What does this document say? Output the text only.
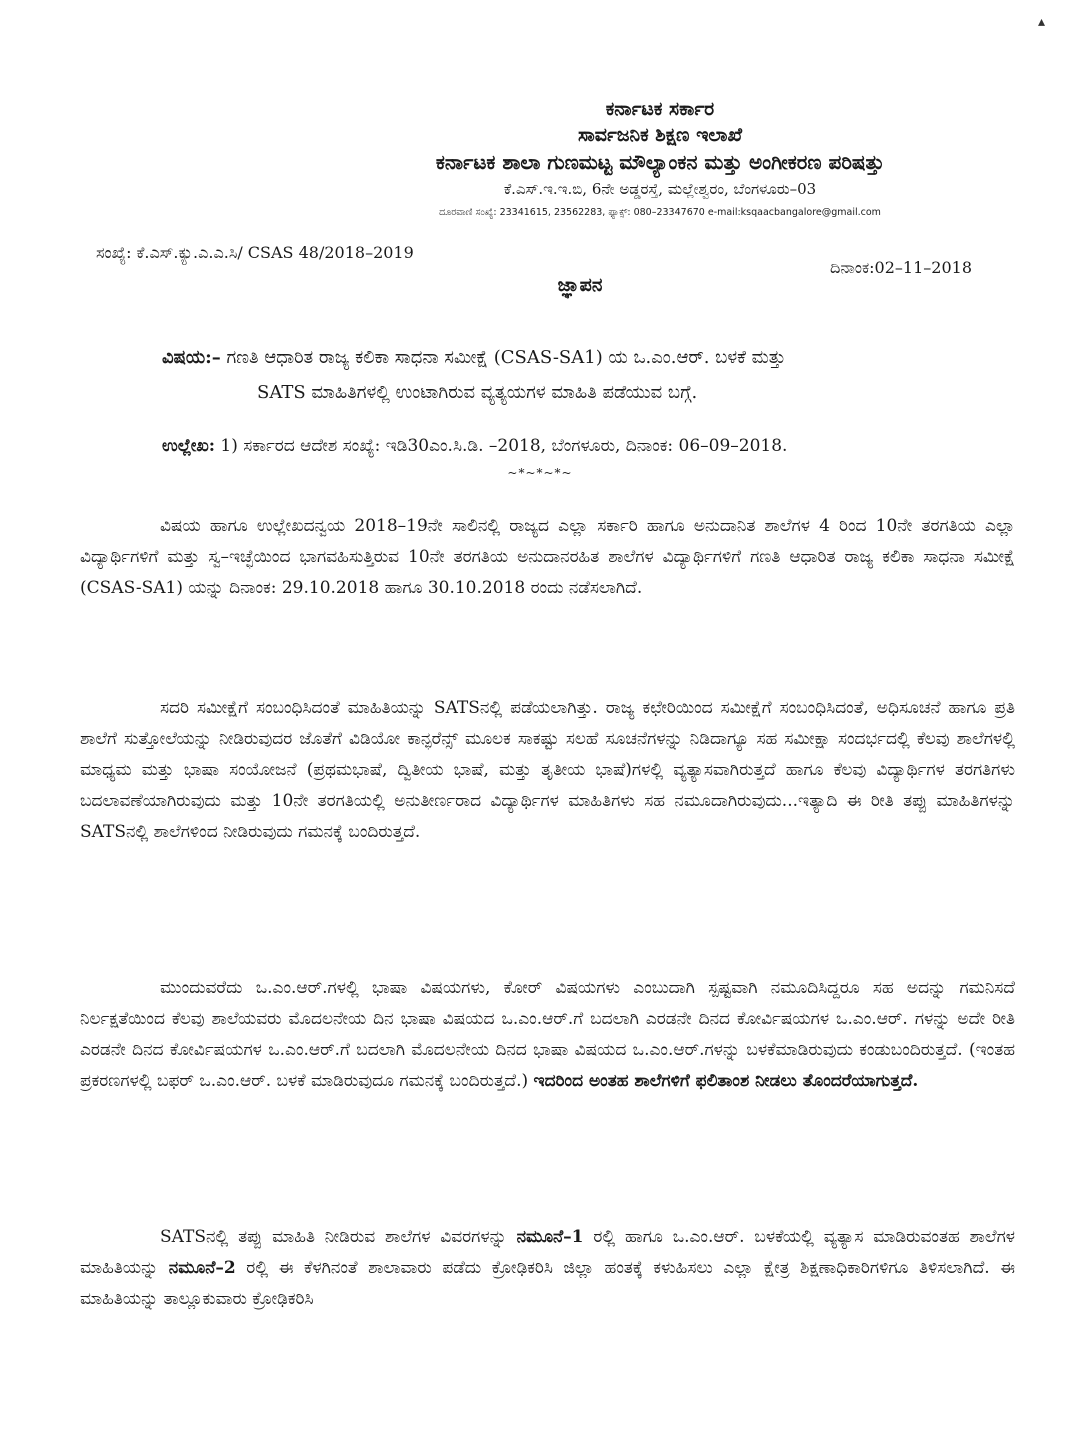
▴
ಕರ್ನಾಟಕ ಸರ್ಕಾರ
ಸಾರ್ವಜನಿಕ ಶಿಕ್ಷಣ ಇಲಾಖೆ
ಕರ್ನಾಟಕ ಶಾಲಾ ಗುಣಮಟ್ಟ ಮೌಲ್ಯಾಂಕನ ಮತ್ತು ಅಂಗೀಕರಣ ಪರಿಷತ್ತು
ಕೆ.ಎಸ್.ಇ.ಇ.ಬಿ, 6ನೇ ಅಡ್ಡರಸ್ತೆ, ಮಲ್ಲೇಶ್ವರಂ, ಬೆಂಗಳೂರು–03
ದೂರವಾಣಿ ಸಂಖ್ಯೆ: 23341615, 23562283, ಫ್ಯಾಕ್ಸ್: 080–23347670 e-mail:ksqaacbangalore@gmail.com
ಸಂಖ್ಯೆ: ಕೆ.ಎಸ್.ಕ್ಯು.ಎ.ಎ.ಸಿ/ CSAS 48/2018–2019
ದಿನಾಂಕ:02–11–2018
ಜ್ಞಾಪನ
ವಿಷಯ:– ಗಣತಿ ಆಧಾರಿತ ರಾಜ್ಯ ಕಲಿಕಾ ಸಾಧನಾ ಸಮೀಕ್ಷೆ (CSAS-SA1) ಯ ಒ.ಎಂ.ಆರ್. ಬಳಕೆ ಮತ್ತು
SATS ಮಾಹಿತಿಗಳಲ್ಲಿ ಉಂಟಾಗಿರುವ ವ್ಯತ್ಯಯಗಳ ಮಾಹಿತಿ ಪಡೆಯುವ ಬಗ್ಗೆ.
ಉಲ್ಲೇಖ: 1) ಸರ್ಕಾರದ ಆದೇಶ ಸಂಖ್ಯೆ: ಇಡಿ30ಎಂ.ಸಿ.ಡಿ. –2018, ಬೆಂಗಳೂರು, ದಿನಾಂಕ: 06–09–2018.
~*~*~*~
ವಿಷಯ ಹಾಗೂ ಉಲ್ಲೇಖದನ್ವಯ 2018–19ನೇ ಸಾಲಿನಲ್ಲಿ ರಾಜ್ಯದ ಎಲ್ಲಾ ಸರ್ಕಾರಿ ಹಾಗೂ ಅನುದಾನಿತ ಶಾಲೆಗಳ 4 ರಿಂದ 10ನೇ ತರಗತಿಯ ಎಲ್ಲಾ ವಿದ್ಯಾರ್ಥಿಗಳಿಗೆ ಮತ್ತು ಸ್ವ–ಇಚ್ಛೆಯಿಂದ ಭಾಗವಹಿಸುತ್ತಿರುವ 10ನೇ ತರಗತಿಯ ಅನುದಾನರಹಿತ ಶಾಲೆಗಳ ವಿದ್ಯಾರ್ಥಿಗಳಿಗೆ ಗಣತಿ ಆಧಾರಿತ ರಾಜ್ಯ ಕಲಿಕಾ ಸಾಧನಾ ಸಮೀಕ್ಷೆ (CSAS-SA1) ಯನ್ನು ದಿನಾಂಕ: 29.10.2018 ಹಾಗೂ 30.10.2018 ರಂದು ನಡೆಸಲಾಗಿದೆ.
ಸದರಿ ಸಮೀಕ್ಷೆಗೆ ಸಂಬಂಧಿಸಿದಂತೆ ಮಾಹಿತಿಯನ್ನು SATSನಲ್ಲಿ ಪಡೆಯಲಾಗಿತ್ತು. ರಾಜ್ಯ ಕಛೇರಿಯಿಂದ ಸಮೀಕ್ಷೆಗೆ ಸಂಬಂಧಿಸಿದಂತೆ, ಅಧಿಸೂಚನೆ ಹಾಗೂ ಪ್ರತಿ ಶಾಲೆಗೆ ಸುತ್ತೋಲೆಯನ್ನು ನೀಡಿರುವುದರ ಜೊತೆಗೆ ವಿಡಿಯೋ ಕಾನ್ಫರೆನ್ಸ್ ಮೂಲಕ ಸಾಕಷ್ಟು ಸಲಹೆ ಸೂಚನೆಗಳನ್ನು ನಿಡಿದಾಗ್ಯೂ ಸಹ ಸಮೀಕ್ಷಾ ಸಂದರ್ಭದಲ್ಲಿ ಕೆಲವು ಶಾಲೆಗಳಲ್ಲಿ ಮಾಧ್ಯಮ ಮತ್ತು ಭಾಷಾ ಸಂಯೋಜನೆ (ಪ್ರಥಮಭಾಷೆ, ದ್ವಿತೀಯ ಭಾಷೆ, ಮತ್ತು ತೃತೀಯ ಭಾಷೆ)ಗಳಲ್ಲಿ ವ್ಯತ್ಯಾಸವಾಗಿರುತ್ತದೆ ಹಾಗೂ ಕೆಲವು ವಿದ್ಯಾರ್ಥಿಗಳ ತರಗತಿಗಳು ಬದಲಾವಣೆಯಾಗಿರುವುದು ಮತ್ತು 10ನೇ ತರಗತಿಯಲ್ಲಿ ಅನುತೀರ್ಣರಾದ ವಿದ್ಯಾರ್ಥಿಗಳ ಮಾಹಿತಿಗಳು ಸಹ ನಮೂದಾಗಿರುವುದು...ಇತ್ಯಾದಿ ಈ ರೀತಿ ತಪ್ಪು ಮಾಹಿತಿಗಳನ್ನು SATSನಲ್ಲಿ ಶಾಲೆಗಳಿಂದ ನೀಡಿರುವುದು ಗಮನಕ್ಕೆ ಬಂದಿರುತ್ತದೆ.
ಮುಂದುವರೆದು ಒ.ಎಂ.ಆರ್.ಗಳಲ್ಲಿ ಭಾಷಾ ವಿಷಯಗಳು, ಕೋರ್ ವಿಷಯಗಳು ಎಂಬುದಾಗಿ ಸ್ಪಷ್ಟವಾಗಿ ನಮೂದಿಸಿದ್ದರೂ ಸಹ ಅದನ್ನು ಗಮನಿಸದೆ ನಿರ್ಲಕ್ಷತೆಯಿಂದ ಕೆಲವು ಶಾಲೆಯವರು ಮೊದಲನೇಯ ದಿನ ಭಾಷಾ ವಿಷಯದ ಒ.ಎಂ.ಆರ್.ಗೆ ಬದಲಾಗಿ ಎರಡನೇ ದಿನದ ಕೋರ್ವಿಷಯಗಳ ಒ.ಎಂ.ಆರ್. ಗಳನ್ನು ಅದೇ ರೀತಿ ಎರಡನೇ ದಿನದ ಕೋರ್ವಿಷಯಗಳ ಒ.ಎಂ.ಆರ್.ಗೆ ಬದಲಾಗಿ ಮೊದಲನೇಯ ದಿನದ ಭಾಷಾ ವಿಷಯದ ಒ.ಎಂ.ಆರ್.ಗಳನ್ನು ಬಳಕೆಮಾಡಿರುವುದು ಕಂಡುಬಂದಿರುತ್ತದೆ. (ಇಂತಹ ಪ್ರಕರಣಗಳಲ್ಲಿ ಬಫರ್ ಒ.ಎಂ.ಆರ್. ಬಳಕೆ ಮಾಡಿರುವುದೂ ಗಮನಕ್ಕೆ ಬಂದಿರುತ್ತದೆ.) ಇದರಿಂದ ಅಂತಹ ಶಾಲೆಗಳಿಗೆ ಫಲಿತಾಂಶ ನೀಡಲು ತೊಂದರೆಯಾಗುತ್ತದೆ.
SATSನಲ್ಲಿ ತಪ್ಪು ಮಾಹಿತಿ ನೀಡಿರುವ ಶಾಲೆಗಳ ವಿವರಗಳನ್ನು ನಮೂನೆ–1 ರಲ್ಲಿ ಹಾಗೂ ಒ.ಎಂ.ಆರ್. ಬಳಕೆಯಲ್ಲಿ ವ್ಯತ್ಯಾಸ ಮಾಡಿರುವಂತಹ ಶಾಲೆಗಳ ಮಾಹಿತಿಯನ್ನು ನಮೂನೆ–2 ರಲ್ಲಿ ಈ ಕೆಳಗಿನಂತೆ ಶಾಲಾವಾರು ಪಡೆದು ಕ್ರೋಢಿಕರಿಸಿ ಜಿಲ್ಲಾ ಹಂತಕ್ಕೆ ಕಳುಹಿಸಲು ಎಲ್ಲಾ ಕ್ಷೇತ್ರ ಶಿಕ್ಷಣಾಧಿಕಾರಿಗಳಿಗೂ ತಿಳಿಸಲಾಗಿದೆ. ಈ ಮಾಹಿತಿಯನ್ನು ತಾಲ್ಲೂಕುವಾರು ಕ್ರೋಢಿಕರಿಸಿ
